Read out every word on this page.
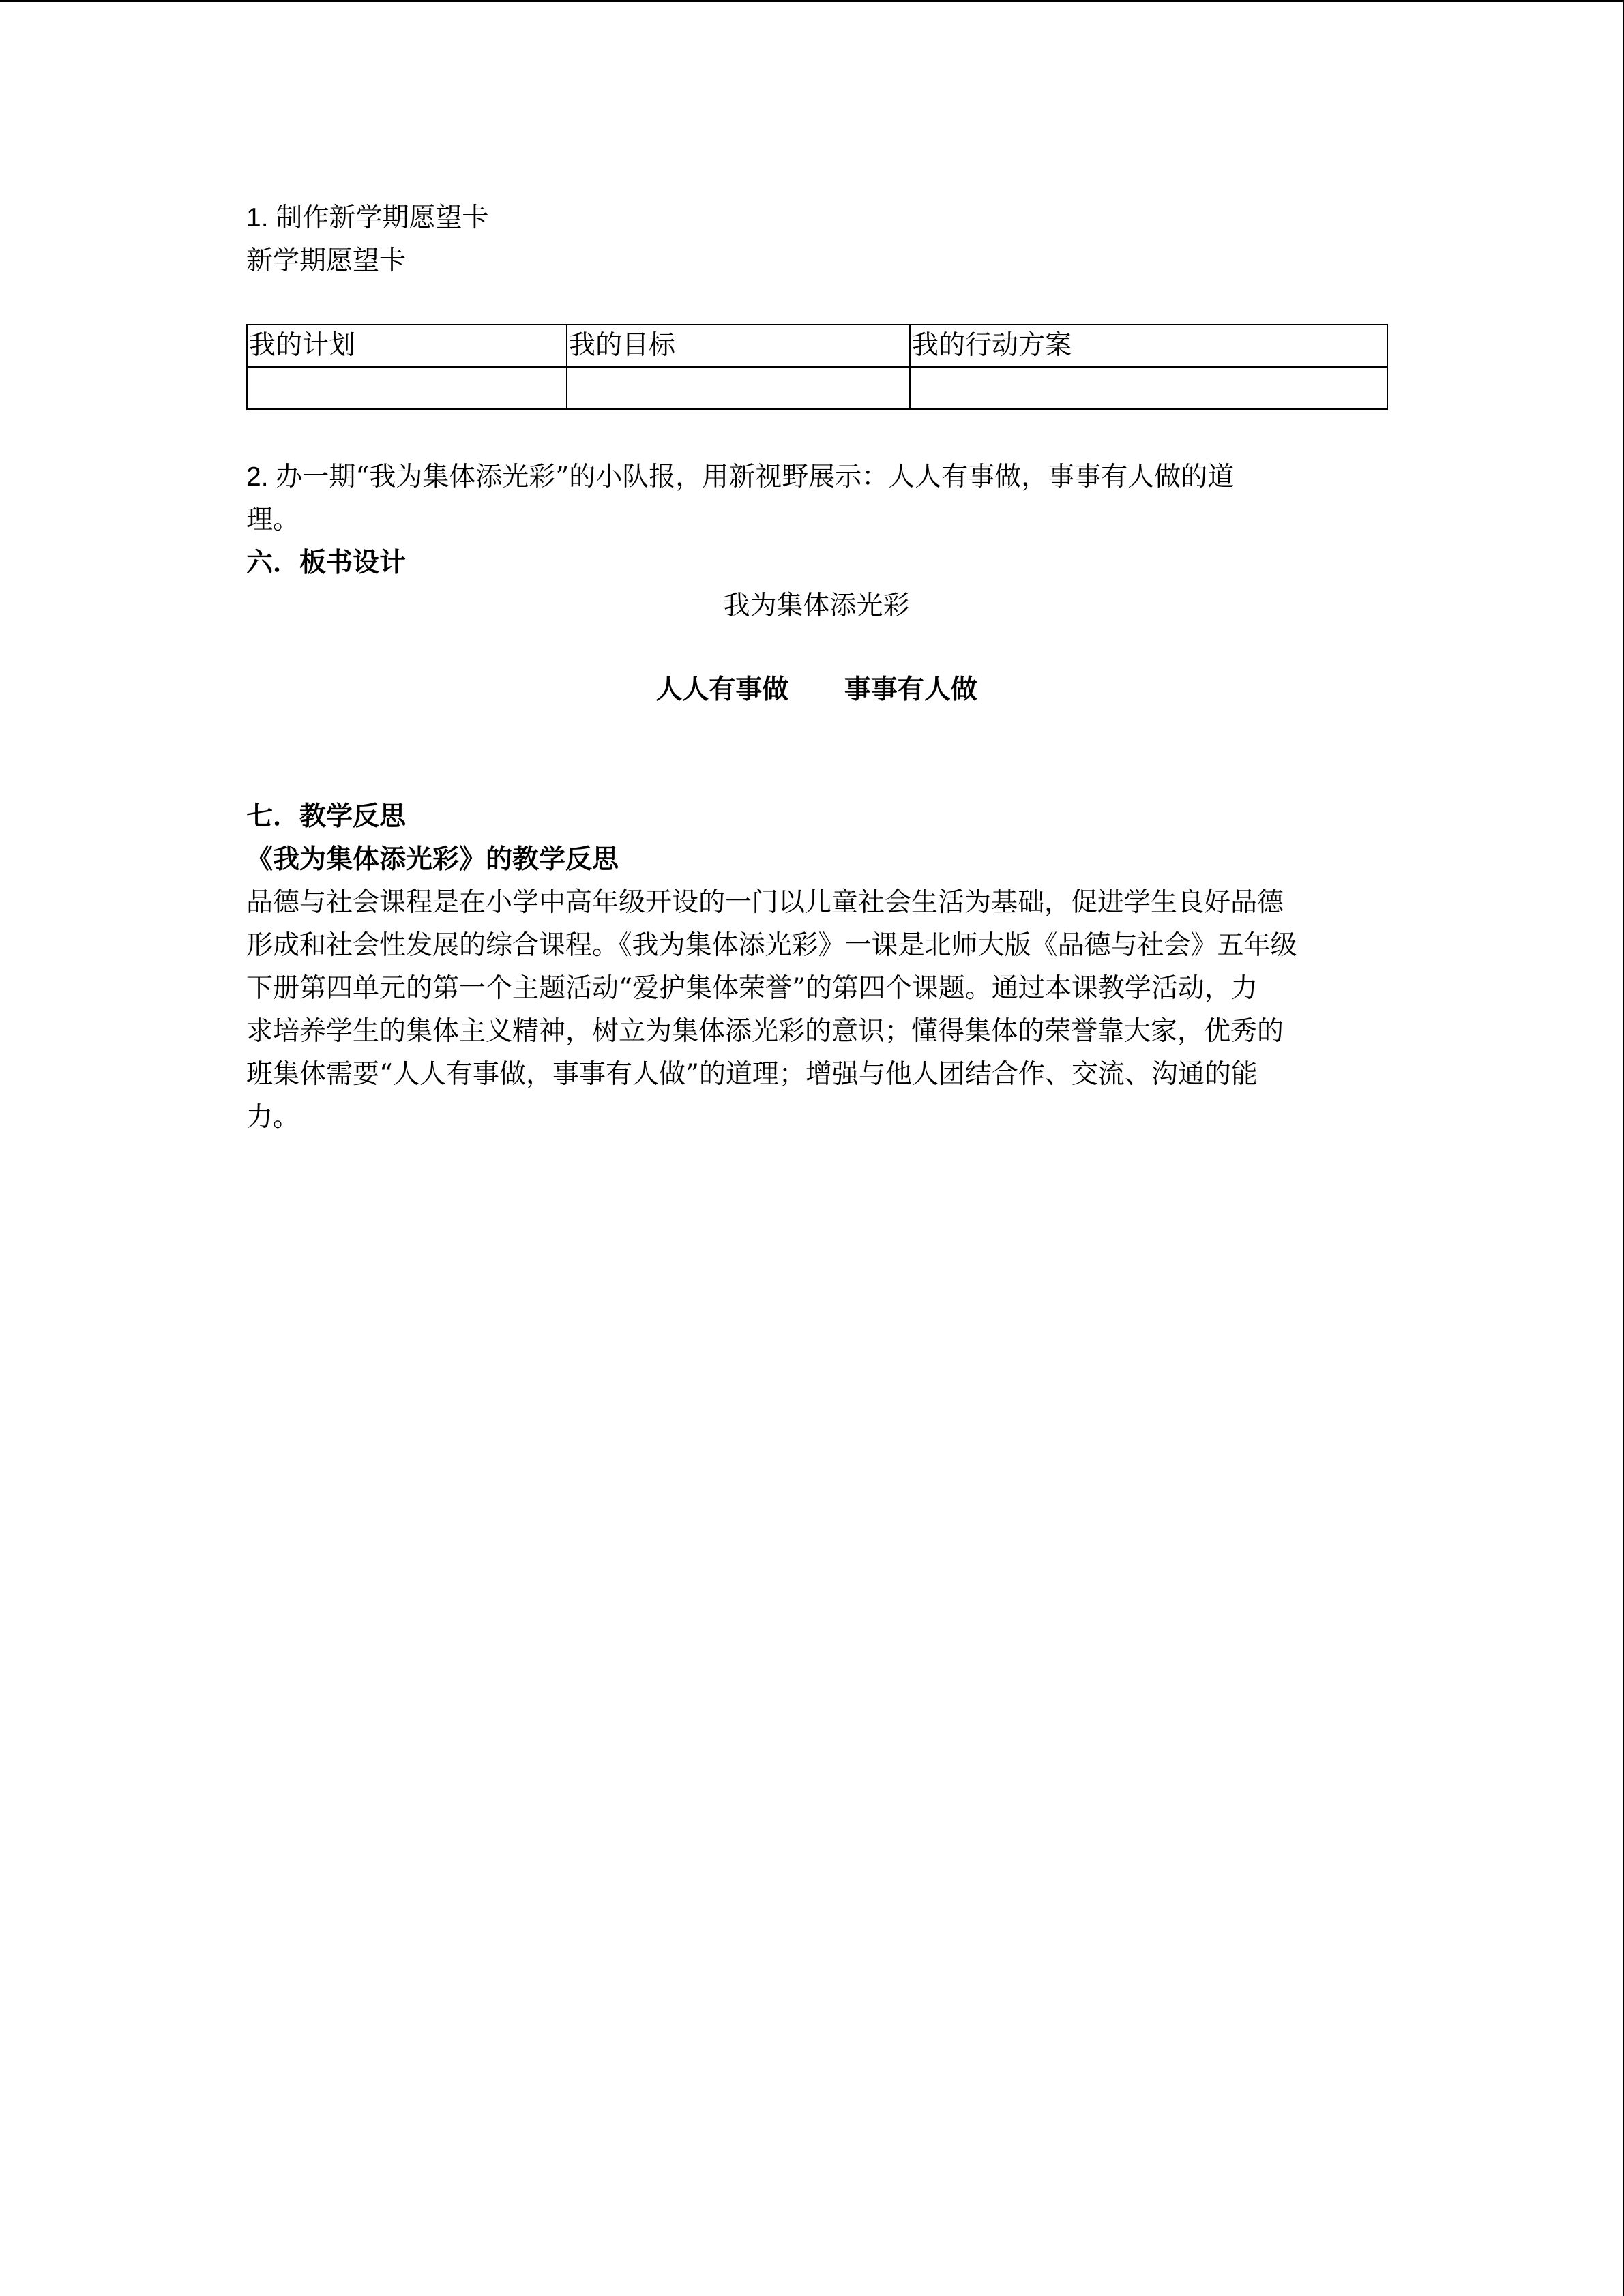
1. 制作新学期愿望卡
新学期愿望卡
我的计划	我的目标	我的行动方案

2. 办一期“我为集体添光彩”的小队报，用新视野展示：人人有事做，事事有人做的道
理。
六．板书设计
我为集体添光彩
人人有事做 事事有人做
七．教学反思
《我为集体添光彩》的教学反思
品德与社会课程是在小学中高年级开设的一门以儿童社会生活为基础，促进学生良好品德
形成和社会性发展的综合课程。《我为集体添光彩》一课是北师大版《品德与社会》五年级
下册第四单元的第一个主题活动“爱护集体荣誉”的第四个课题。通过本课教学活动，力
求培养学生的集体主义精神，树立为集体添光彩的意识；懂得集体的荣誉靠大家，优秀的
班集体需要“人人有事做，事事有人做”的道理；增强与他人团结合作、交流、沟通的能
力。
